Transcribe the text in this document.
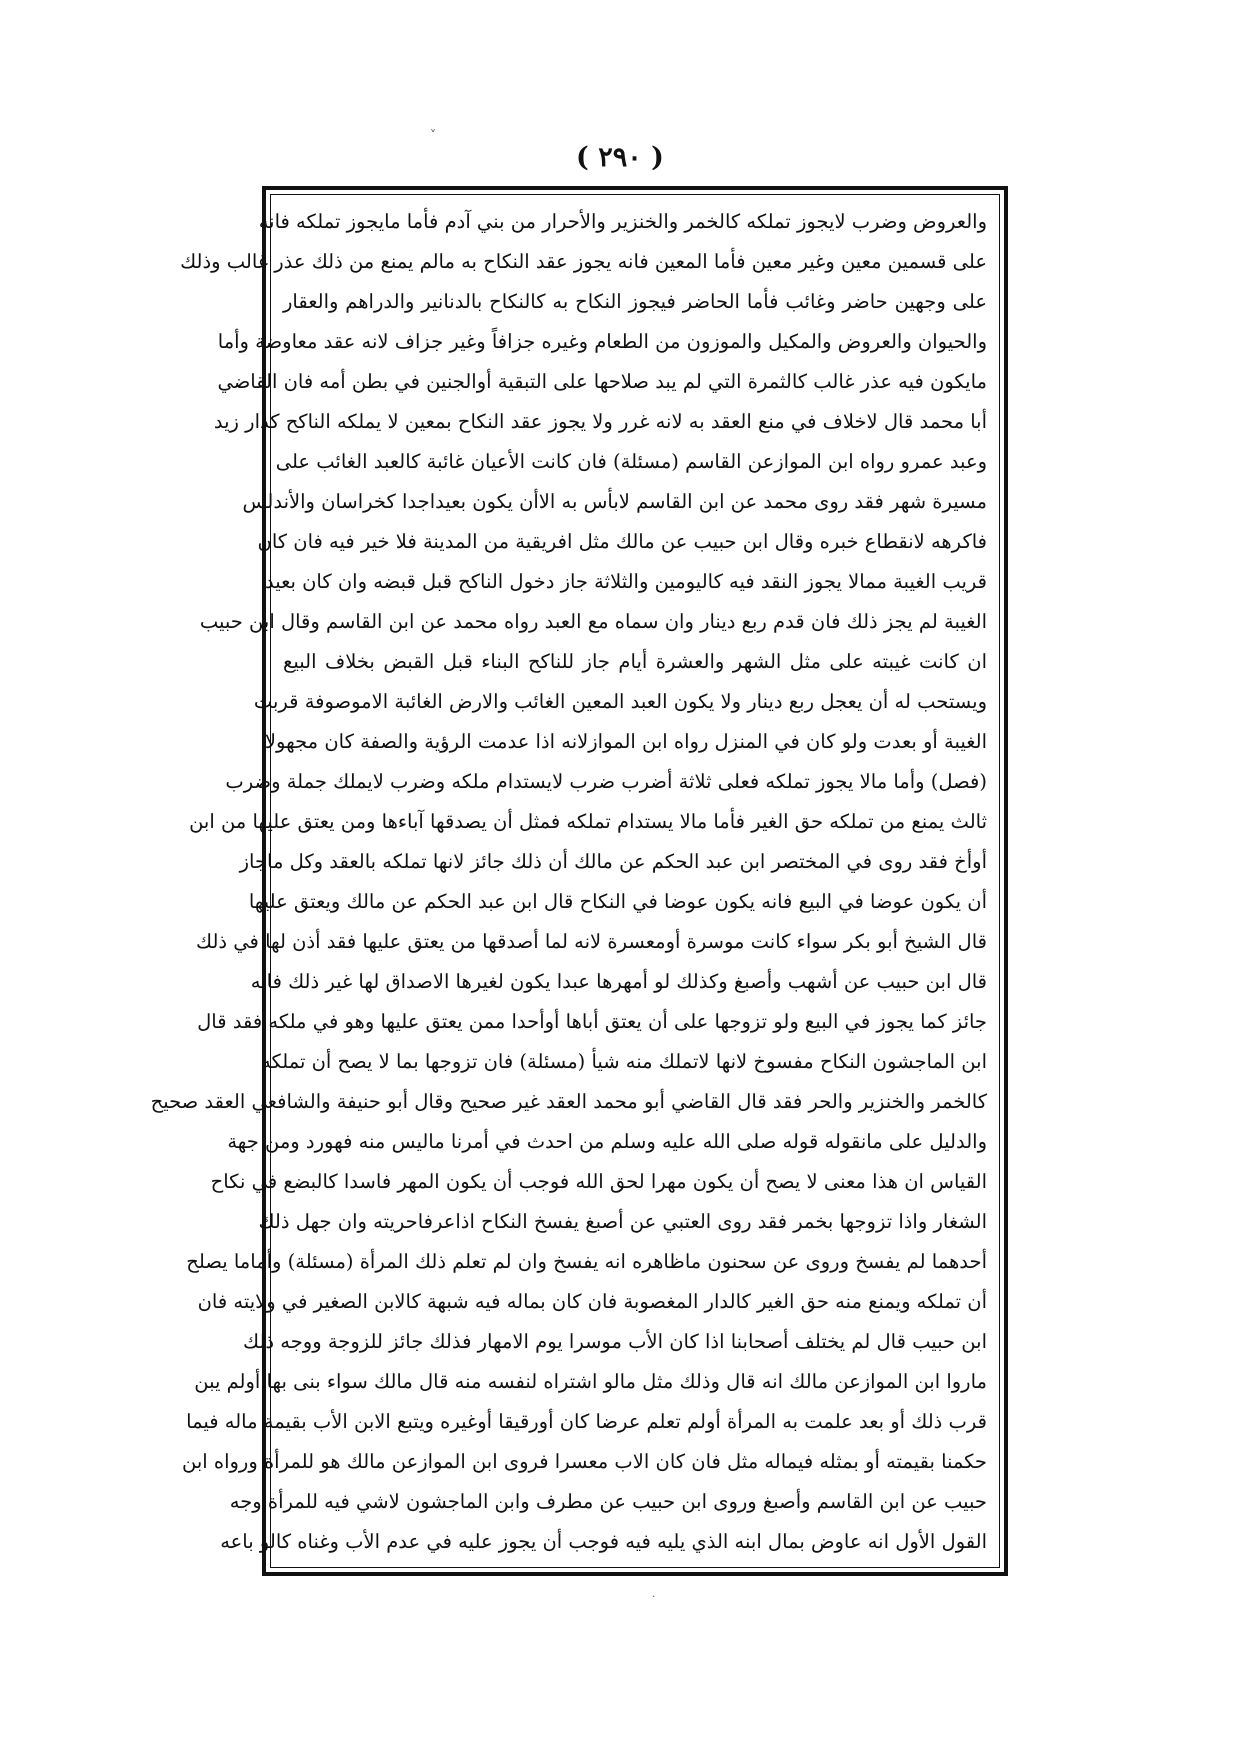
˅
( ٢٩٠ )
والعروض وضرب لايجوز تملكه كالخمر والخنزير والأحرار من بني آدم فأما مايجوز تملكه فانه
على قسمين معين وغير معين فأما المعين فانه يجوز عقد النكاح به مالم يمنع من ذلك عذر غالب وذلك
على وجهين حاضر وغائب فأما الحاضر فيجوز النكاح به كالنكاح بالدنانير والدراهم والعقار
والحيوان والعروض والمكيل والموزون من الطعام وغيره جزافاً وغير جزاف لانه عقد معاوضة وأما
مايكون فيه عذر غالب كالثمرة التي لم يبد صلاحها على التبقية أوالجنين في بطن أمه فان القاضي
أبا محمد قال لاخلاف في منع العقد به لانه غرر ولا يجوز عقد النكاح بمعين لا يملكه الناكح كدار زيد
وعبد عمرو رواه ابن الموازعن القاسم (مسئلة) فان كانت الأعيان غائبة كالعبد الغائب على
مسيرة شهر فقد روى محمد عن ابن القاسم لابأس به الاأن يكون بعيداجدا كخراسان والأندلس
فاكرهه لانقطاع خبره وقال ابن حبيب عن مالك مثل افريقية من المدينة فلا خير فيه فان كان
قريب الغيبة ممالا يجوز النقد فيه كاليومين والثلاثة جاز دخول الناكح قبل قبضه وان كان بعيد
الغيبة لم يجز ذلك فان قدم ربع دينار وان سماه مع العبد رواه محمد عن ابن القاسم وقال ابن حبيب
ان كانت غيبته على مثل الشهر والعشرة أيام جاز للناكح البناء قبل القبض بخلاف البيع
ويستحب له أن يعجل ربع دينار ولا يكون العبد المعين الغائب والارض الغائبة الاموصوفة قربت
الغيبة أو بعدت ولو كان في المنزل رواه ابن الموازلانه اذا عدمت الرؤية والصفة كان مجهولا
(فصل) وأما مالا يجوز تملكه فعلى ثلاثة أضرب ضرب لايستدام ملكه وضرب لايملك جملة وضرب
ثالث يمنع من تملكه حق الغير فأما مالا يستدام تملكه فمثل أن يصدقها آباءها ومن يعتق عليها من ابن
أوأخ فقد روى في المختصر ابن عبد الحكم عن مالك أن ذلك جائز لانها تملكه بالعقد وكل ماجاز
أن يكون عوضا في البيع فانه يكون عوضا في النكاح قال ابن عبد الحكم عن مالك ويعتق عليها
قال الشيخ أبو بكر سواء كانت موسرة أومعسرة لانه لما أصدقها من يعتق عليها فقد أذن لها في ذلك
قال ابن حبيب عن أشهب وأصبغ وكذلك لو أمهرها عبدا يكون لغيرها الاصداق لها غير ذلك فانه
جائز كما يجوز في البيع ولو تزوجها على أن يعتق أباها أوأحدا ممن يعتق عليها وهو في ملكه فقد قال
ابن الماجشون النكاح مفسوخ لانها لاتملك منه شيأ (مسئلة) فان تزوجها بما لا يصح أن تملكه
كالخمر والخنزير والحر فقد قال القاضي أبو محمد العقد غير صحيح وقال أبو حنيفة والشافعي العقد صحيح
والدليل على مانقوله قوله صلى الله عليه وسلم من احدث في أمرنا ماليس منه فهورد ومن جهة
القياس ان هذا معنى لا يصح أن يكون مهرا لحق الله فوجب أن يكون المهر فاسدا كالبضع في نكاح
الشغار واذا تزوجها بخمر فقد روى العتبي عن أصبغ يفسخ النكاح اذاعرفاحريته وان جهل ذلك
أحدهما لم يفسخ وروى عن سحنون ماظاهره انه يفسخ وان لم تعلم ذلك المرأة (مسئلة) وأماما يصلح
أن تملكه ويمنع منه حق الغير كالدار المغصوبة فان كان بماله فيه شبهة كالابن الصغير في ولايته فان
ابن حبيب قال لم يختلف أصحابنا اذا كان الأب موسرا يوم الامهار فذلك جائز للزوجة ووجه ذلك
ماروا ابن الموازعن مالك انه قال وذلك مثل مالو اشتراه لنفسه منه قال مالك سواء بنى بها أولم يبن
قرب ذلك أو بعد علمت به المرأة أولم تعلم عرضا كان أورقيقا أوغيره ويتبع الابن الأب بقيمة ماله فيما
حكمنا بقيمته أو بمثله فيماله مثل فان كان الاب معسرا فروى ابن الموازعن مالك هو للمرأة ورواه ابن
حبيب عن ابن القاسم وأصبغ وروى ابن حبيب عن مطرف وابن الماجشون لاشي فيه للمرأة وجه
القول الأول انه عاوض بمال ابنه الذي يليه فيه فوجب أن يجوز عليه في عدم الأب وغناه كالو باعه
·
